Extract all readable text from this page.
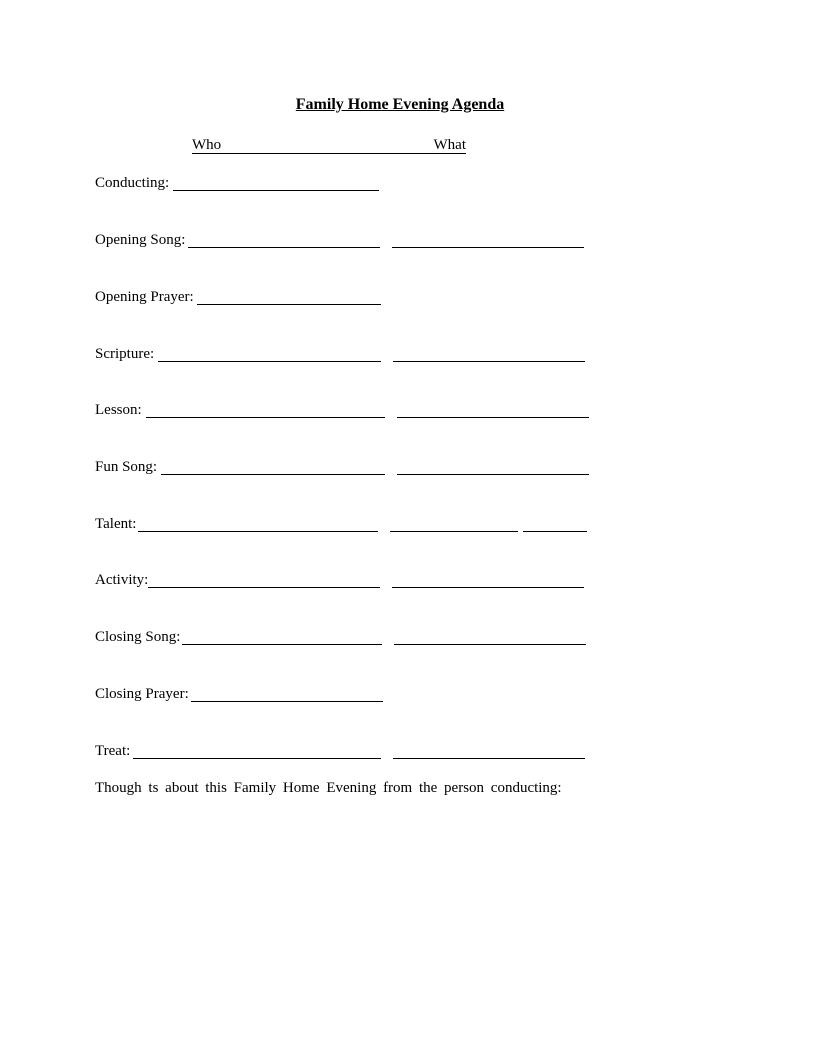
Family Home Evening Agenda
Who	What
Conducting:
Opening Song:
Opening Prayer:
Scripture:
Lesson:
Fun Song:
Talent:
Activity:
Closing Song:
Closing Prayer:
Treat:
Though ts about this Family Home Evening from the person conducting:
